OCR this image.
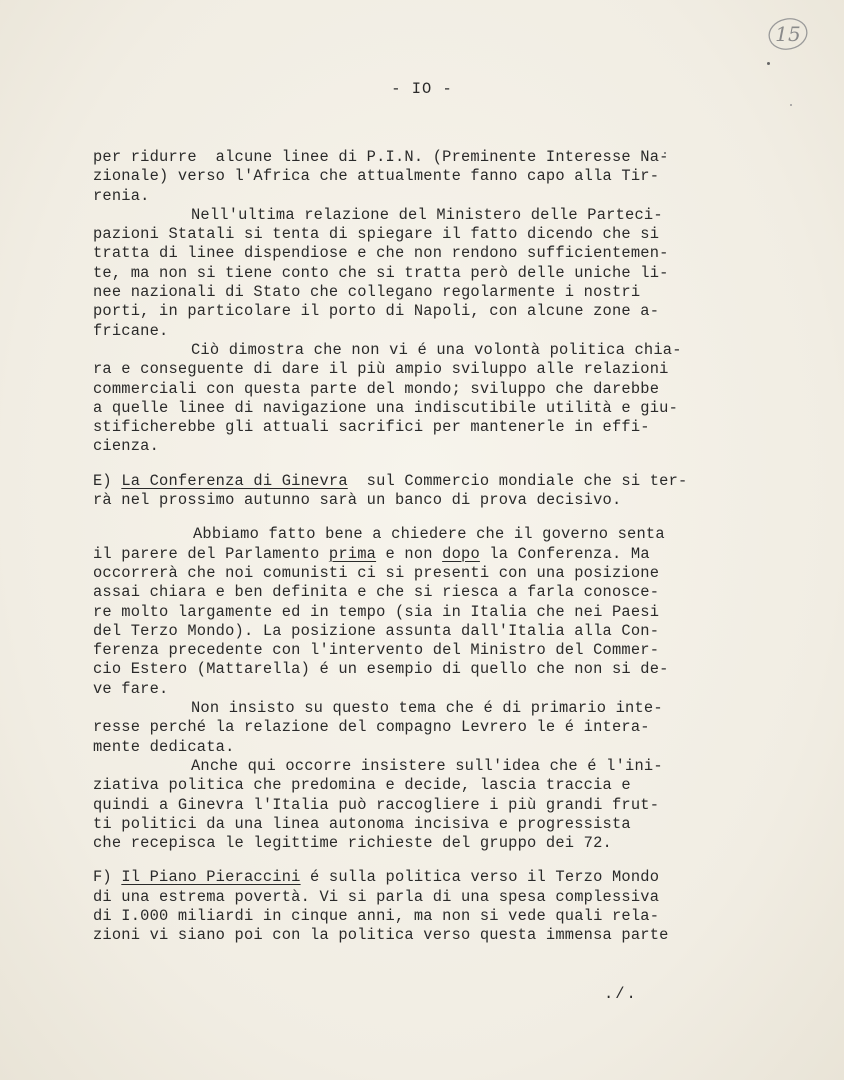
15
- IO -
per ridurre  alcune linee di P.I.N. (Preminente Interesse Na-
zionale) verso l'Africa che attualmente fanno capo alla Tir-
renia.
Nell'ultima relazione del Ministero delle Parteci-
pazioni Statali si tenta di spiegare il fatto dicendo che si
tratta di linee dispendiose e che non rendono sufficientemen-
te, ma non si tiene conto che si tratta però delle uniche li-
nee nazionali di Stato che collegano regolarmente i nostri
porti, in particolare il porto di Napoli, con alcune zone a-
fricane.
Ciò dimostra che non vi é una volontà politica chia-
ra e conseguente di dare il più ampio sviluppo alle relazioni
commerciali con questa parte del mondo; sviluppo che darebbe
a quelle linee di navigazione una indiscutibile utilità e giu-
stificherebbe gli attuali sacrifici per mantenerle in effi-
cienza.
E) La Conferenza di Ginevra  sul Commercio mondiale che si ter-
rà nel prossimo autunno sarà un banco di prova decisivo.
Abbiamo fatto bene a chiedere che il governo senta
il parere del Parlamento prima e non dopo la Conferenza. Ma
occorrerà che noi comunisti ci si presenti con una posizione
assai chiara e ben definita e che si riesca a farla conosce-
re molto largamente ed in tempo (sia in Italia che nei Paesi
del Terzo Mondo). La posizione assunta dall'Italia alla Con-
ferenza precedente con l'intervento del Ministro del Commer-
cio Estero (Mattarella) é un esempio di quello che non si de-
ve fare.
Non insisto su questo tema che é di primario inte-
resse perché la relazione del compagno Levrero le é intera-
mente dedicata.
Anche qui occorre insistere sull'idea che é l'ini-
ziativa politica che predomina e decide, lascia traccia e
quindi a Ginevra l'Italia può raccogliere i più grandi frut-
ti politici da una linea autonoma incisiva e progressista
che recepisca le legittime richieste del gruppo dei 72.
F) Il Piano Pieraccini é sulla politica verso il Terzo Mondo
di una estrema povertà. Vi si parla di una spesa complessiva
di I.000 miliardi in cinque anni, ma non si vede quali rela-
zioni vi siano poi con la politica verso questa immensa parte
./.
